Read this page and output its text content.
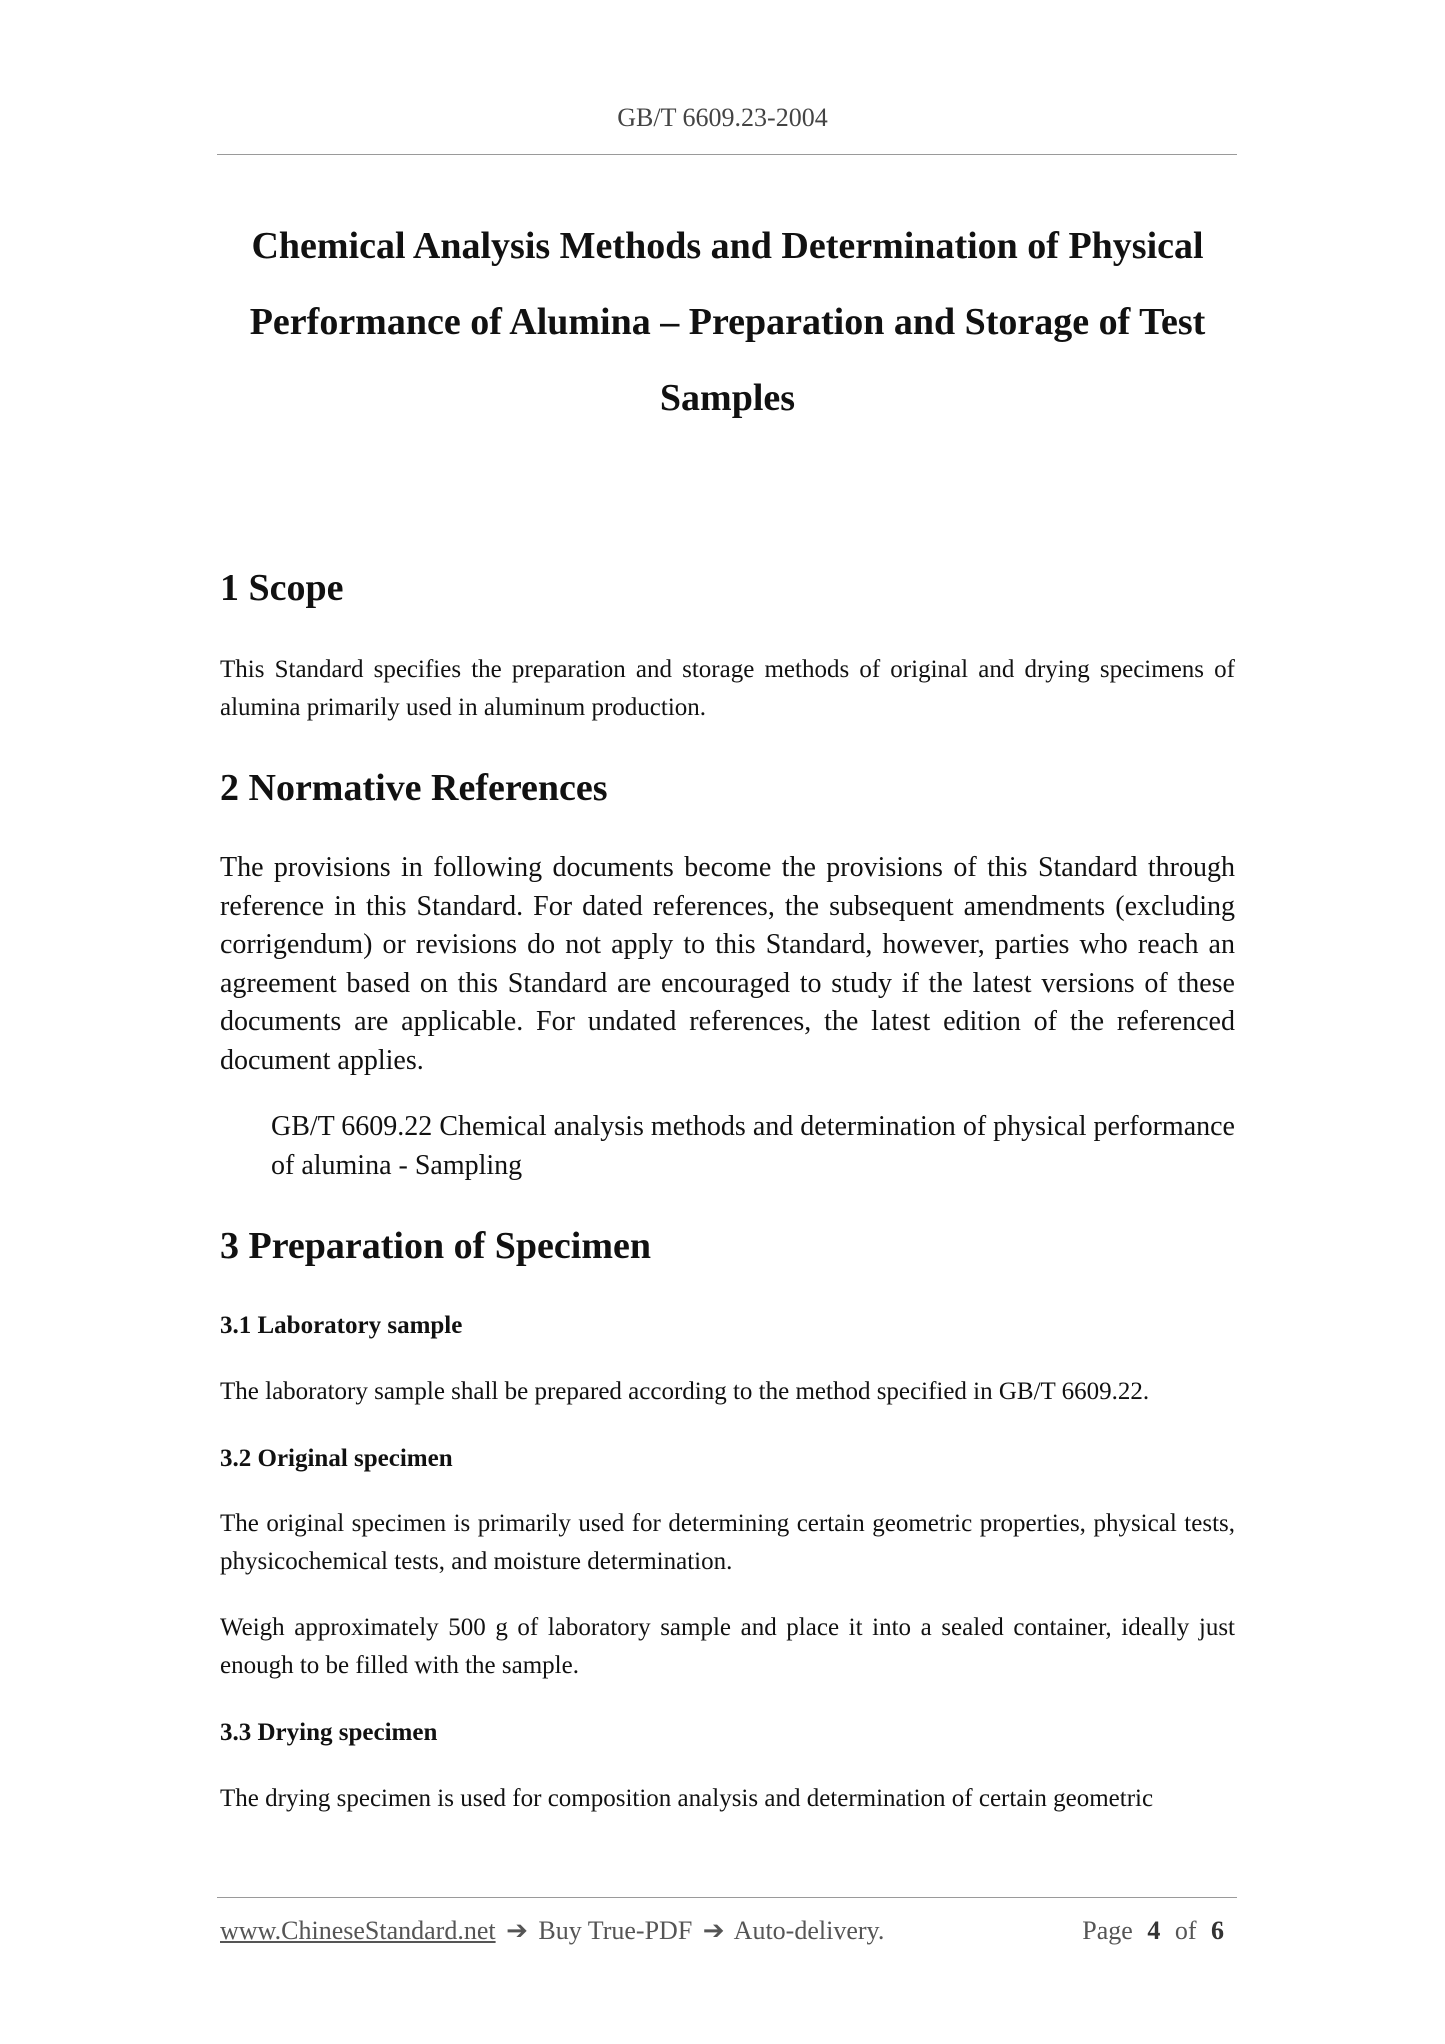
GB/T 6609.23-2004
Chemical Analysis Methods and Determination of Physical Performance of Alumina – Preparation and Storage of Test Samples
1 Scope

This Standard specifies the preparation and storage methods of original and drying specimens of alumina primarily used in aluminum production.

2 Normative References

The provisions in following documents become the provisions of this Standard through reference in this Standard. For dated references, the subsequent amendments (excluding corrigendum) or revisions do not apply to this Standard, however, parties who reach an agreement based on this Standard are encouraged to study if the latest versions of these documents are applicable. For undated references, the latest edition of the referenced document applies.

GB/T 6609.22 Chemical analysis methods and determination of physical performance of alumina - Sampling

3 Preparation of Specimen
3.1 Laboratory sample

The laboratory sample shall be prepared according to the method specified in GB/T 6609.22.

3.2 Original specimen

The original specimen is primarily used for determining certain geometric properties, physical tests, physicochemical tests, and moisture determination.

Weigh approximately 500 g of laboratory sample and place it into a sealed container, ideally just enough to be filled with the sample.

3.3 Drying specimen

The drying specimen is used for composition analysis and determination of certain geometric

www.ChineseStandard.net ➔ Buy True-PDF ➔ Auto-delivery.	Page 4 of 6
